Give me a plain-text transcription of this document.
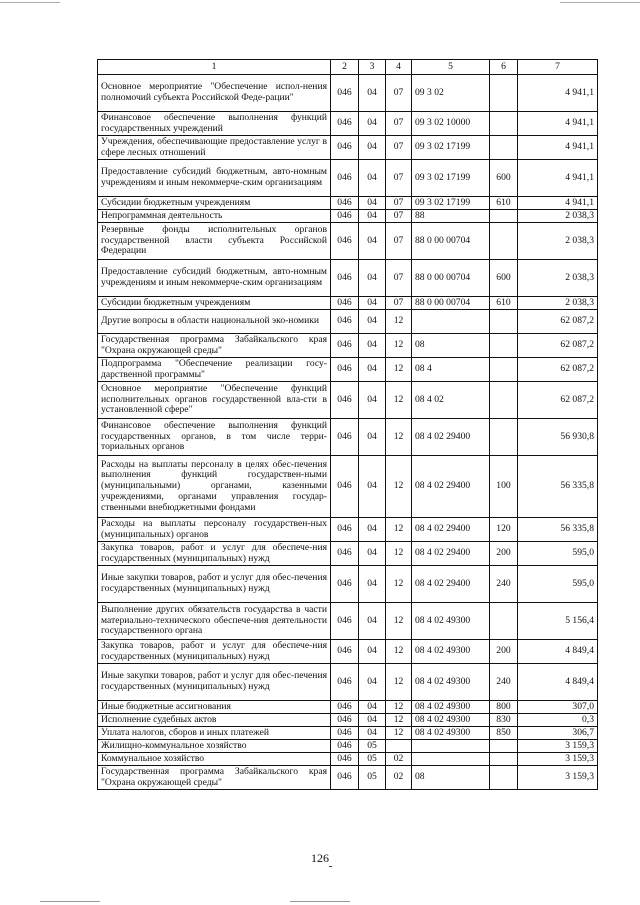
1	2	3	4	5	6	7
Основное мероприятие "Обеспечение испол-нения полномочий субъекта Российской Феде-рации"	046	04	07	09 3 02		4 941,1
Финансовое обеспечение выполнения функций государственных учреждений	046	04	07	09 3 02 10000		4 941,1
Учреждения, обеспечивающие предоставление услуг в сфере лесных отношений	046	04	07	09 3 02 17199		4 941,1
Предоставление субсидий бюджетным, авто-номным учреждениям и иным некоммерче-ским организациям	046	04	07	09 3 02 17199	600	4 941,1
Субсидии бюджетным учреждениям	046	04	07	09 3 02 17199	610	4 941,1
Непрограммная деятельность	046	04	07	88		2 038,3
Резервные фонды исполнительных органов государственной власти субъекта Российской Федерации	046	04	07	88 0 00 00704		2 038,3
Предоставление субсидий бюджетным, авто-номным учреждениям и иным некоммерче-ским организациям	046	04	07	88 0 00 00704	600	2 038,3
Субсидии бюджетным учреждениям	046	04	07	88 0 00 00704	610	2 038,3
Другие вопросы в области национальной эко-номики	046	04	12			62 087,2
Государственная программа Забайкальского края "Охрана окружающей среды"	046	04	12	08		62 087,2
Подпрограмма "Обеспечение реализации госу-дарственной программы"	046	04	12	08 4		62 087,2
Основное мероприятие "Обеспечение функций исполнительных органов государственной вла-сти в установленной сфере"	046	04	12	08 4 02		62 087,2
Финансовое обеспечение выполнения функций государственных органов, в том числе терри-ториальных органов	046	04	12	08 4 02 29400		56 930,8
Расходы на выплаты персоналу в целях обес-печения выполнения функций государствен-ными (муниципальными) органами, казенными учреждениями, органами управления государ-ственными внебюджетными фондами	046	04	12	08 4 02 29400	100	56 335,8
Расходы на выплаты персоналу государствен-ных (муниципальных) органов	046	04	12	08 4 02 29400	120	56 335,8
Закупка товаров, работ и услуг для обеспече-ния государственных (муниципальных) нужд	046	04	12	08 4 02 29400	200	595,0
Иные закупки товаров, работ и услуг для обес-печения государственных (муниципальных) нужд	046	04	12	08 4 02 29400	240	595,0
Выполнение других обязательств государства в части материально-технического обеспече-ния деятельности государственного органа	046	04	12	08 4 02 49300		5 156,4
Закупка товаров, работ и услуг для обеспече-ния государственных (муниципальных) нужд	046	04	12	08 4 02 49300	200	4 849,4
Иные закупки товаров, работ и услуг для обес-печения государственных (муниципальных) нужд	046	04	12	08 4 02 49300	240	4 849,4
Иные бюджетные ассигнования	046	04	12	08 4 02 49300	800	307,0
Исполнение судебных актов	046	04	12	08 4 02 49300	830	0,3
Уплата налогов, сборов и иных платежей	046	04	12	08 4 02 49300	850	306,7
Жилищно-коммунальное хозяйство	046	05				3 159,3
Коммунальное хозяйство	046	05	02			3 159,3
Государственная программа Забайкальского края "Охрана окружающей среды"	046	05	02	08		3 159,3
126
